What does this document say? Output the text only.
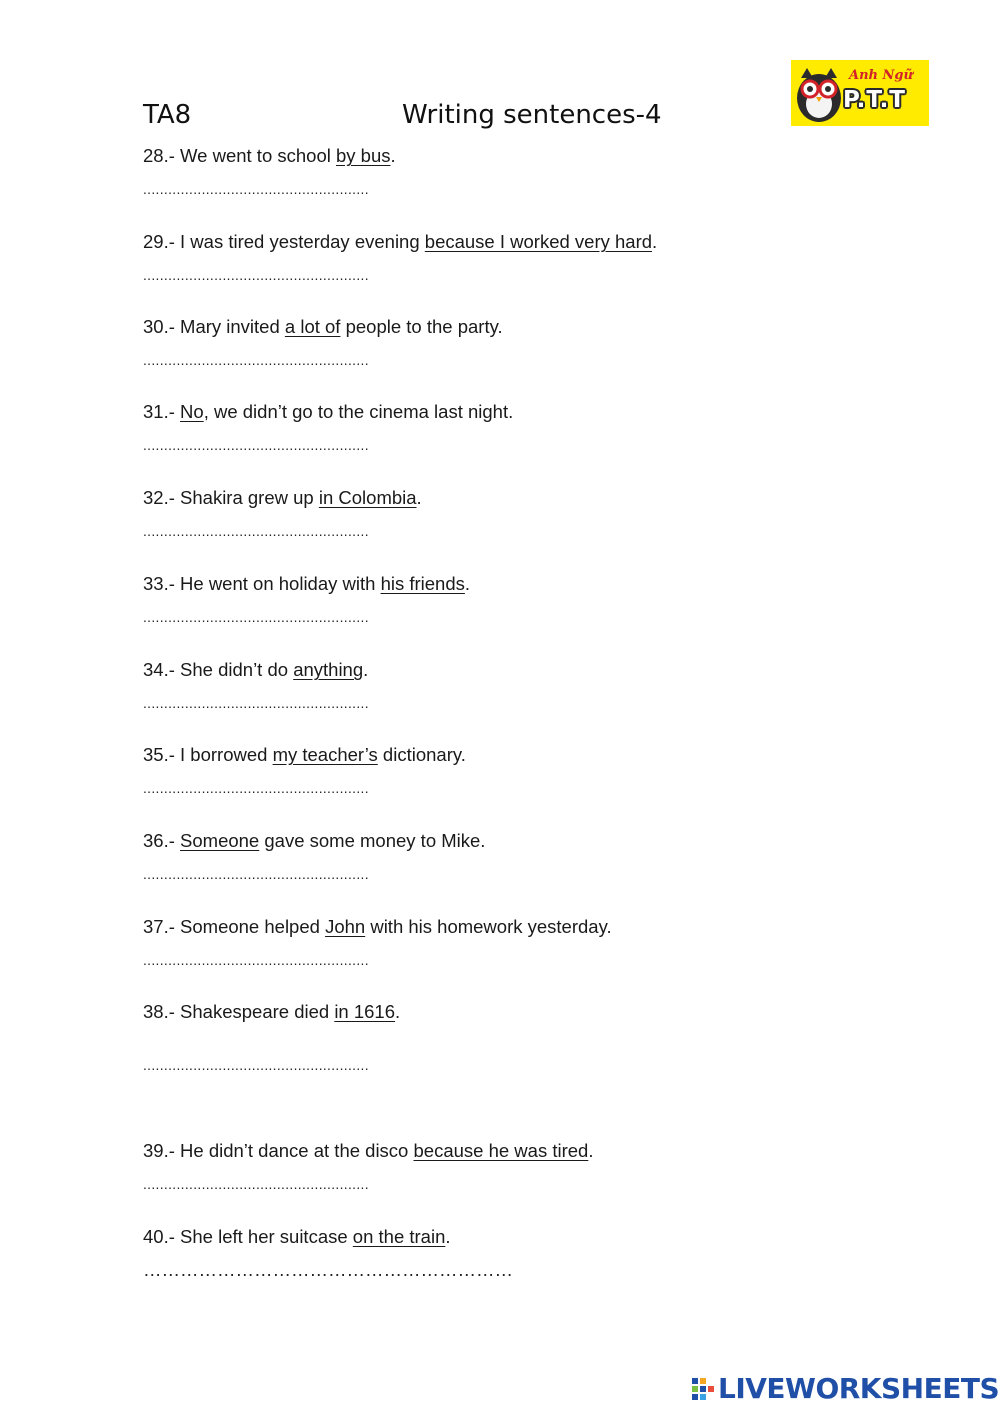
TA8	Writing sentences-4
Anh Ngữ
P.T.T
28.- We went to school by bus.
......................................................
29.- I was tired yesterday evening because I worked very hard.
......................................................
30.- Mary invited a lot of people to the party.
......................................................
31.- No, we didn’t go to the cinema last night.
......................................................
32.- Shakira grew up in Colombia.
......................................................
33.- He went on holiday with his friends.
......................................................
34.- She didn’t do anything.
......................................................
35.- I borrowed my teacher’s dictionary.
......................................................
36.- Someone gave some money to Mike.
......................................................
37.- Someone helped John with his homework yesterday.
......................................................
38.- Shakespeare died in 1616.
......................................................
39.- He didn’t dance at the disco because he was tired.
......................................................
40.- She left her suitcase on the train.
……………………………………………………
LIVEWORKSHEETS
